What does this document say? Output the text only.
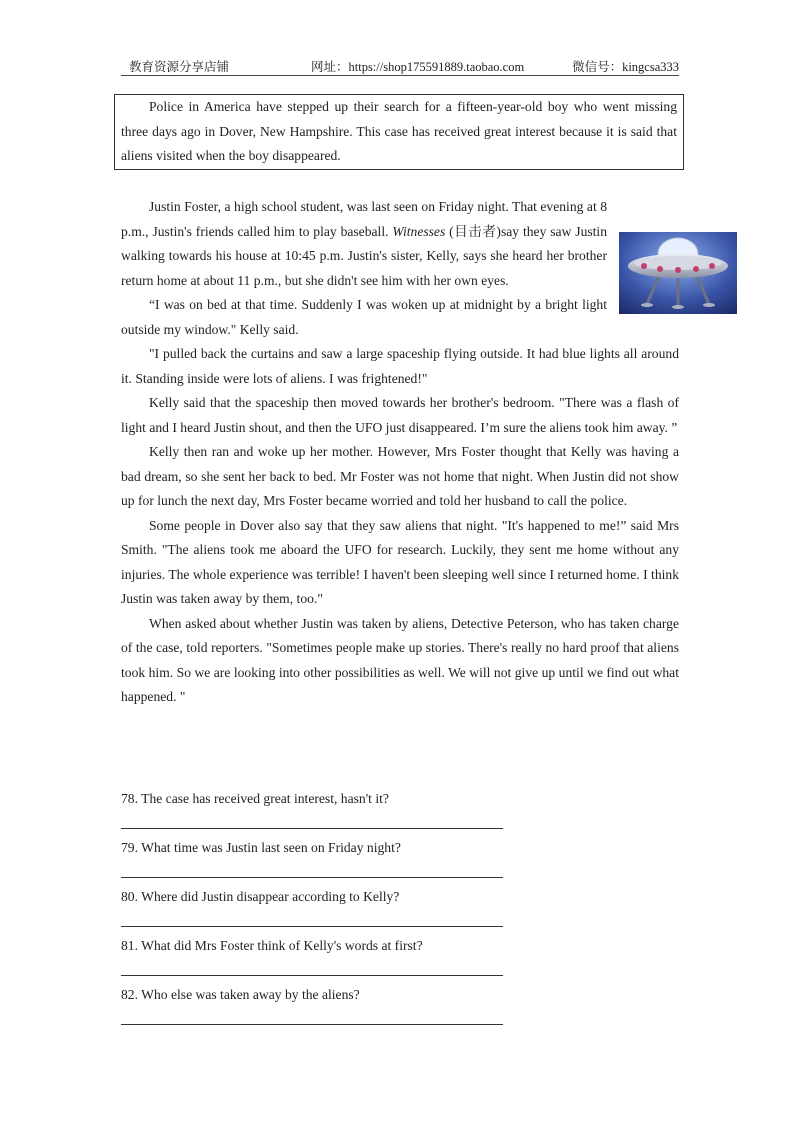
教育资源分享店铺	网址：https://shop175591889.taobao.com	微信号：kingcsa333

Police in America have stepped up their search for a fifteen-year-old boy who went missing three days ago in Dover, New Hampshire. This case has received great interest because it is said that aliens visited when the boy disappeared.

Justin Foster, a high school student, was last seen on Friday night. That evening at 8 p.m., Justin's friends called him to play baseball. Witnesses (目击者)say they saw Justin walking towards his house at 10:45 p.m. Justin's sister, Kelly, says she heard her brother return home at about 11 p.m., but she didn't see him with her own eyes.

“I was on bed at that time. Suddenly I was woken up at midnight by a bright light outside my window." Kelly said.

"I pulled back the curtains and saw a large spaceship flying outside. It had blue lights all around it. Standing inside were lots of aliens. I was frightened!"

Kelly said that the spaceship then moved towards her brother's bedroom. "There was a flash of light and I heard Justin shout, and then the UFO just disappeared. I’m sure the aliens took him away. ”

Kelly then ran and woke up her mother. However, Mrs Foster thought that Kelly was having a bad dream, so she sent her back to bed. Mr Foster was not home that night. When Justin did not show up for lunch the next day, Mrs Foster became worried and told her husband to call the police.

Some people in Dover also say that they saw aliens that night. "It's happened to me!” said Mrs Smith. "The aliens took me aboard the UFO for research. Luckily, they sent me home without any injuries. The whole experience was terrible! I haven't been sleeping well since I returned home. I think Justin was taken away by them, too."

When asked about whether Justin was taken by aliens, Detective Peterson, who has taken charge of the case, told reporters. "Sometimes people make up stories. There's really no hard proof that aliens took him. So we are looking into other possibilities as well. We will not give up until we find out what happened. "

78. The case has received great interest, hasn't it?
79. What time was Justin last seen on Friday night?
80. Where did Justin disappear according to Kelly?
81. What did Mrs Foster think of Kelly's words at first?
82. Who else was taken away by the aliens?
